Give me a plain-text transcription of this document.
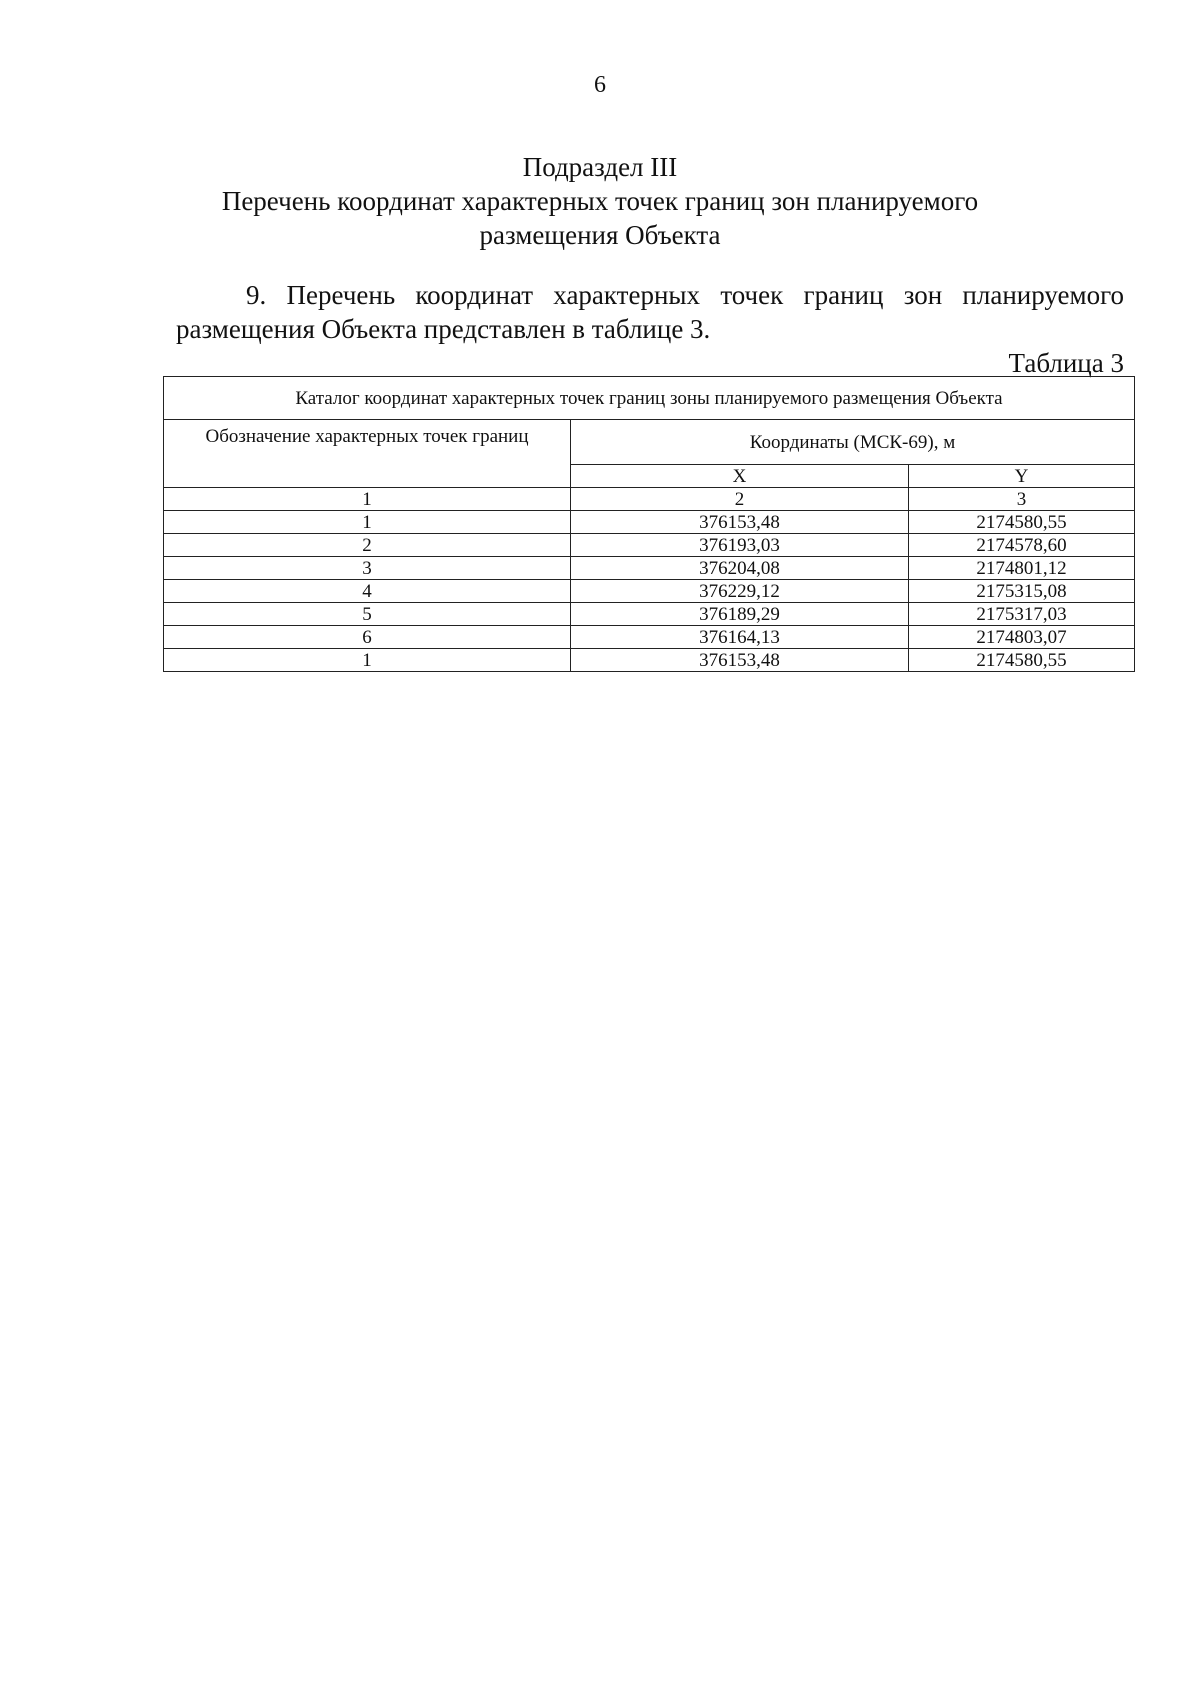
6
Подраздел III
Перечень координат характерных точек границ зон планируемого
размещения Объекта
9. Перечень координат характерных точек границ зон планируемого размещения Объекта представлен в таблице 3.
Таблица 3
Каталог координат характерных точек границ зоны планируемого размещения Объекта		
Обозначение характерных точек границ	Координаты (МСК-69), м	
	X	Y
1	2	3
1	376153,48	2174580,55
2	376193,03	2174578,60
3	376204,08	2174801,12
4	376229,12	2175315,08
5	376189,29	2175317,03
6	376164,13	2174803,07
1	376153,48	2174580,55
